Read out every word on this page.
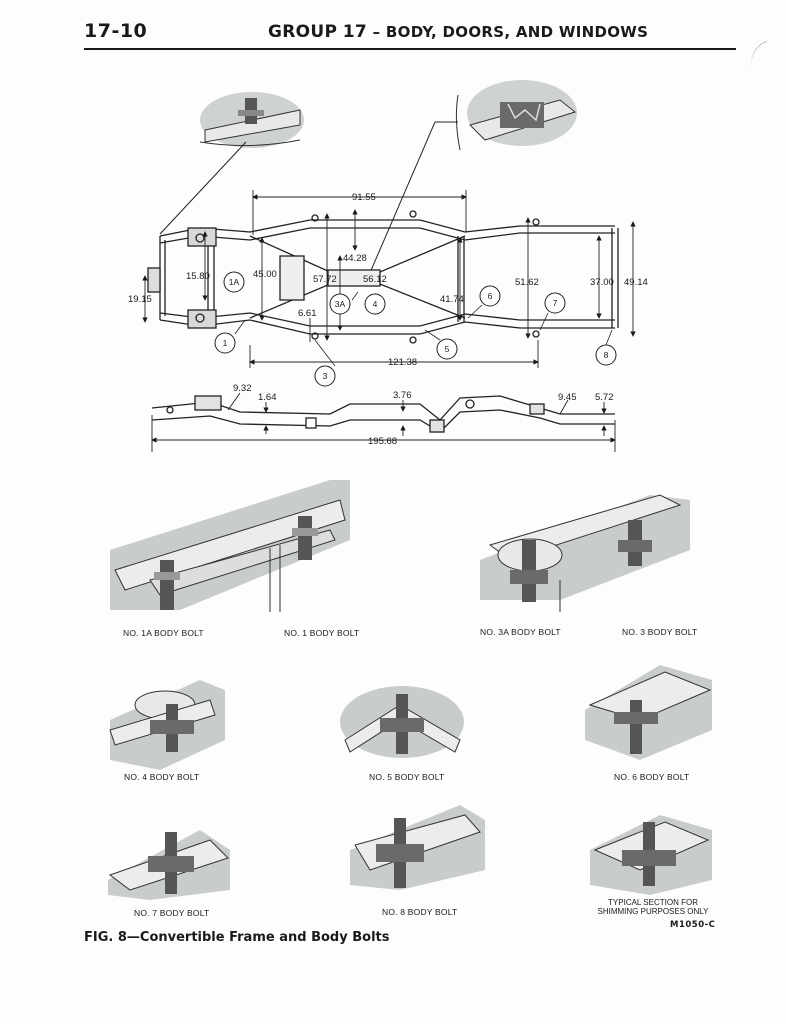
17-10	GROUP 17 – BODY, DOORS, AND WINDOWS
91.55
44.28
15.80	45.00	57.72	56.12
41.74
51.62	37.00 49.14
19.15
6.61
121.38
1A
1
3A	4
3
5
6
7
8
9.32
1.64	3.76	9.45 5.72
195.68
NO. 1A BODY BOLT	NO. 1 BODY BOLT	NO. 3A BODY BOLT	NO. 3 BODY BOLT
NO. 4 BODY BOLT	NO. 5 BODY BOLT	NO. 6 BODY BOLT
NO. 7 BODY BOLT	NO. 8 BODY BOLT
TYPICAL SECTION FOR
SHIMMING PURPOSES ONLY
M1050-C
FIG. 8—Convertible Frame and Body Bolts
